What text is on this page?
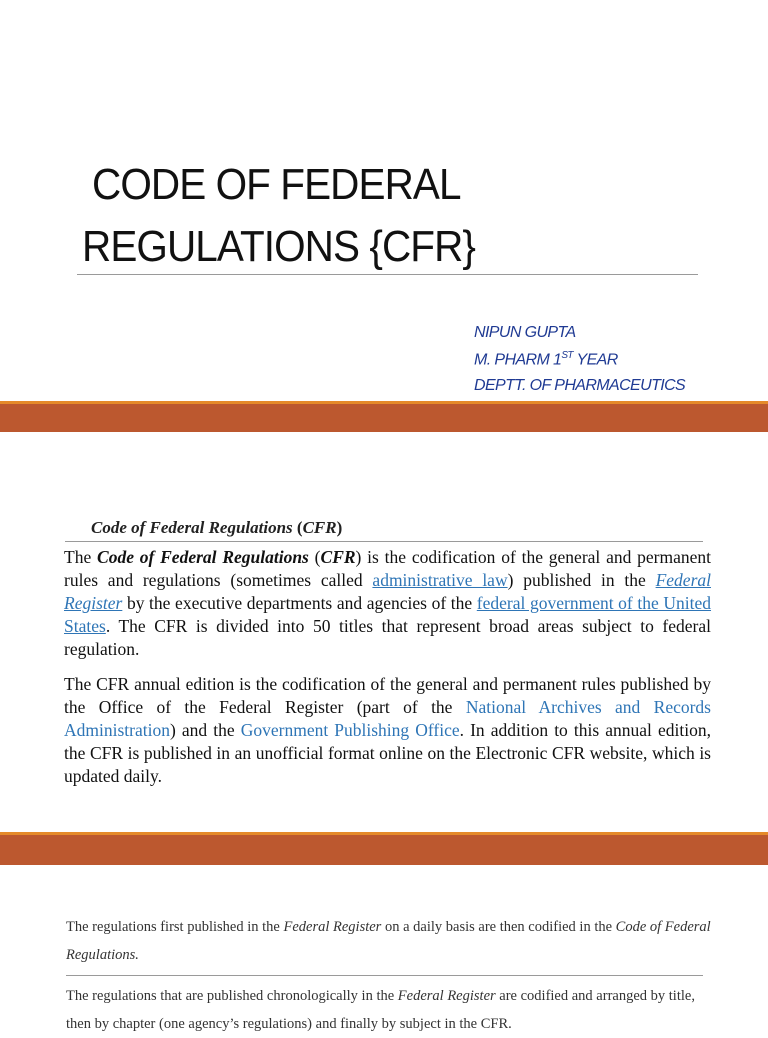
CODE OF FEDERAL
REGULATIONS {CFR}
NIPUN GUPTA
M. PHARM 1ST YEAR
DEPTT. OF PHARMACEUTICS
Code of Federal Regulations (CFR)
The Code of Federal Regulations (CFR) is the codification of the general and permanent rules and regulations (sometimes called administrative law) published in the Federal Register by the executive departments and agencies of the federal government of the United States. The CFR is divided into 50 titles that represent broad areas subject to federal regulation.
The CFR annual edition is the codification of the general and permanent rules published by the Office of the Federal Register (part of the National Archives and Records Administration) and the Government Publishing Office. In addition to this annual edition, the CFR is published in an unofficial format online on the Electronic CFR website, which is updated daily.
The regulations first published in the Federal Register on a daily basis are then codified in the Code of Federal Regulations.
The regulations that are published chronologically in the Federal Register are codified and arranged by title, then by chapter (one agency’s regulations) and finally by subject in the CFR.
